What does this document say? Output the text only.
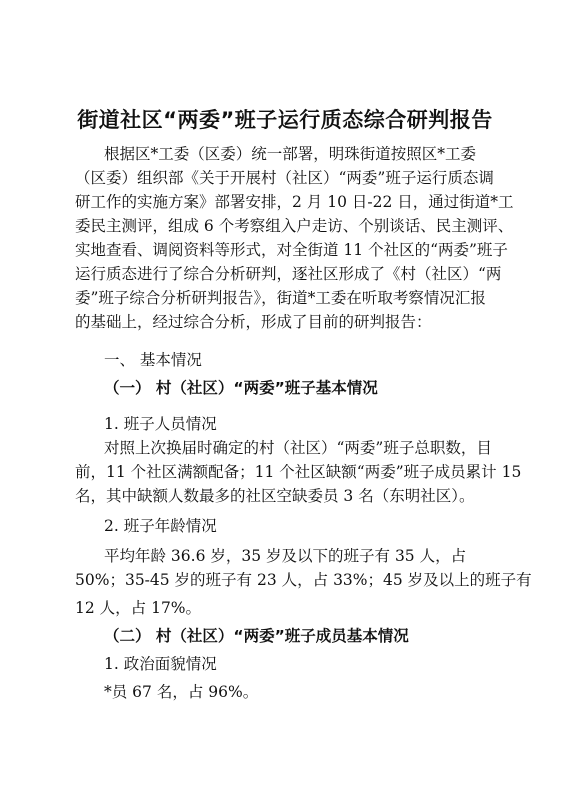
街道社区“两委”班子运行质态综合研判报告
根据区*工委（区委）统一部署，明珠街道按照区*工委
（区委）组织部《关于开展村（社区）“两委”班子运行质态调
研工作的实施方案》部署安排，2 月 10 日-22 日，通过街道*工
委民主测评，组成 6 个考察组入户走访、个别谈话、民主测评、
实地查看、调阅资料等形式，对全街道 11 个社区的“两委”班子
运行质态进行了综合分析研判，逐社区形成了《村（社区）“两
委”班子综合分析研判报告》，街道*工委在听取考察情况汇报
的基础上，经过综合分析，形成了目前的研判报告：
一、 基本情况
（一） 村（社区）“两委”班子基本情况
1. 班子人员情况
对照上次换届时确定的村（社区）“两委”班子总职数，目
前，11 个社区满额配备；11 个社区缺额“两委”班子成员累计 15
名，其中缺额人数最多的社区空缺委员 3 名（东明社区）。
2. 班子年龄情况
平均年龄 36.6 岁，35 岁及以下的班子有 35 人，占
50%；35-45 岁的班子有 23 人，占 33%；45 岁及以上的班子有
12 人，占 17%。
（二） 村（社区）“两委”班子成员基本情况
1. 政治面貌情况
*员 67 名，占 96%。
